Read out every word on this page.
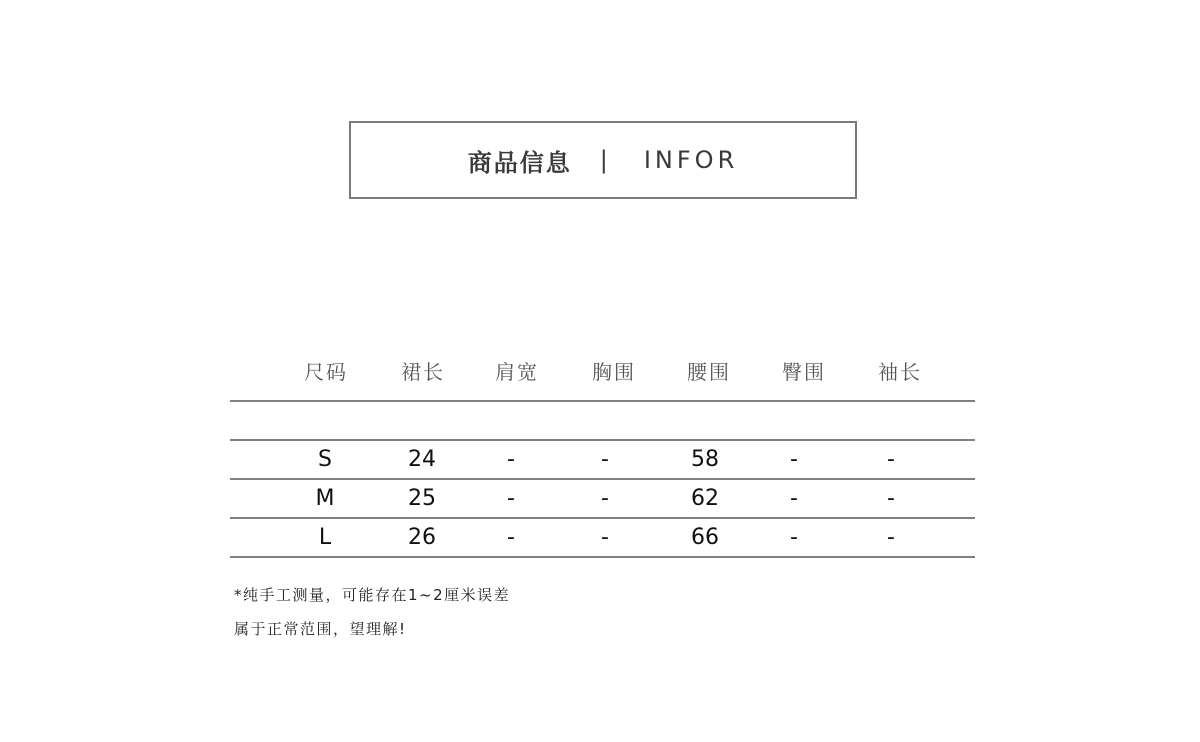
商品信息 | INFOR
尺码	裙长	肩宽	胸围	腰围	臀围	袖长
S	24	-	-	58	-	-
M	25	-	-	62	-	-
L	26	-	-	66	-	-
*纯手工测量，可能存在1~2厘米误差
属于正常范围，望理解!
